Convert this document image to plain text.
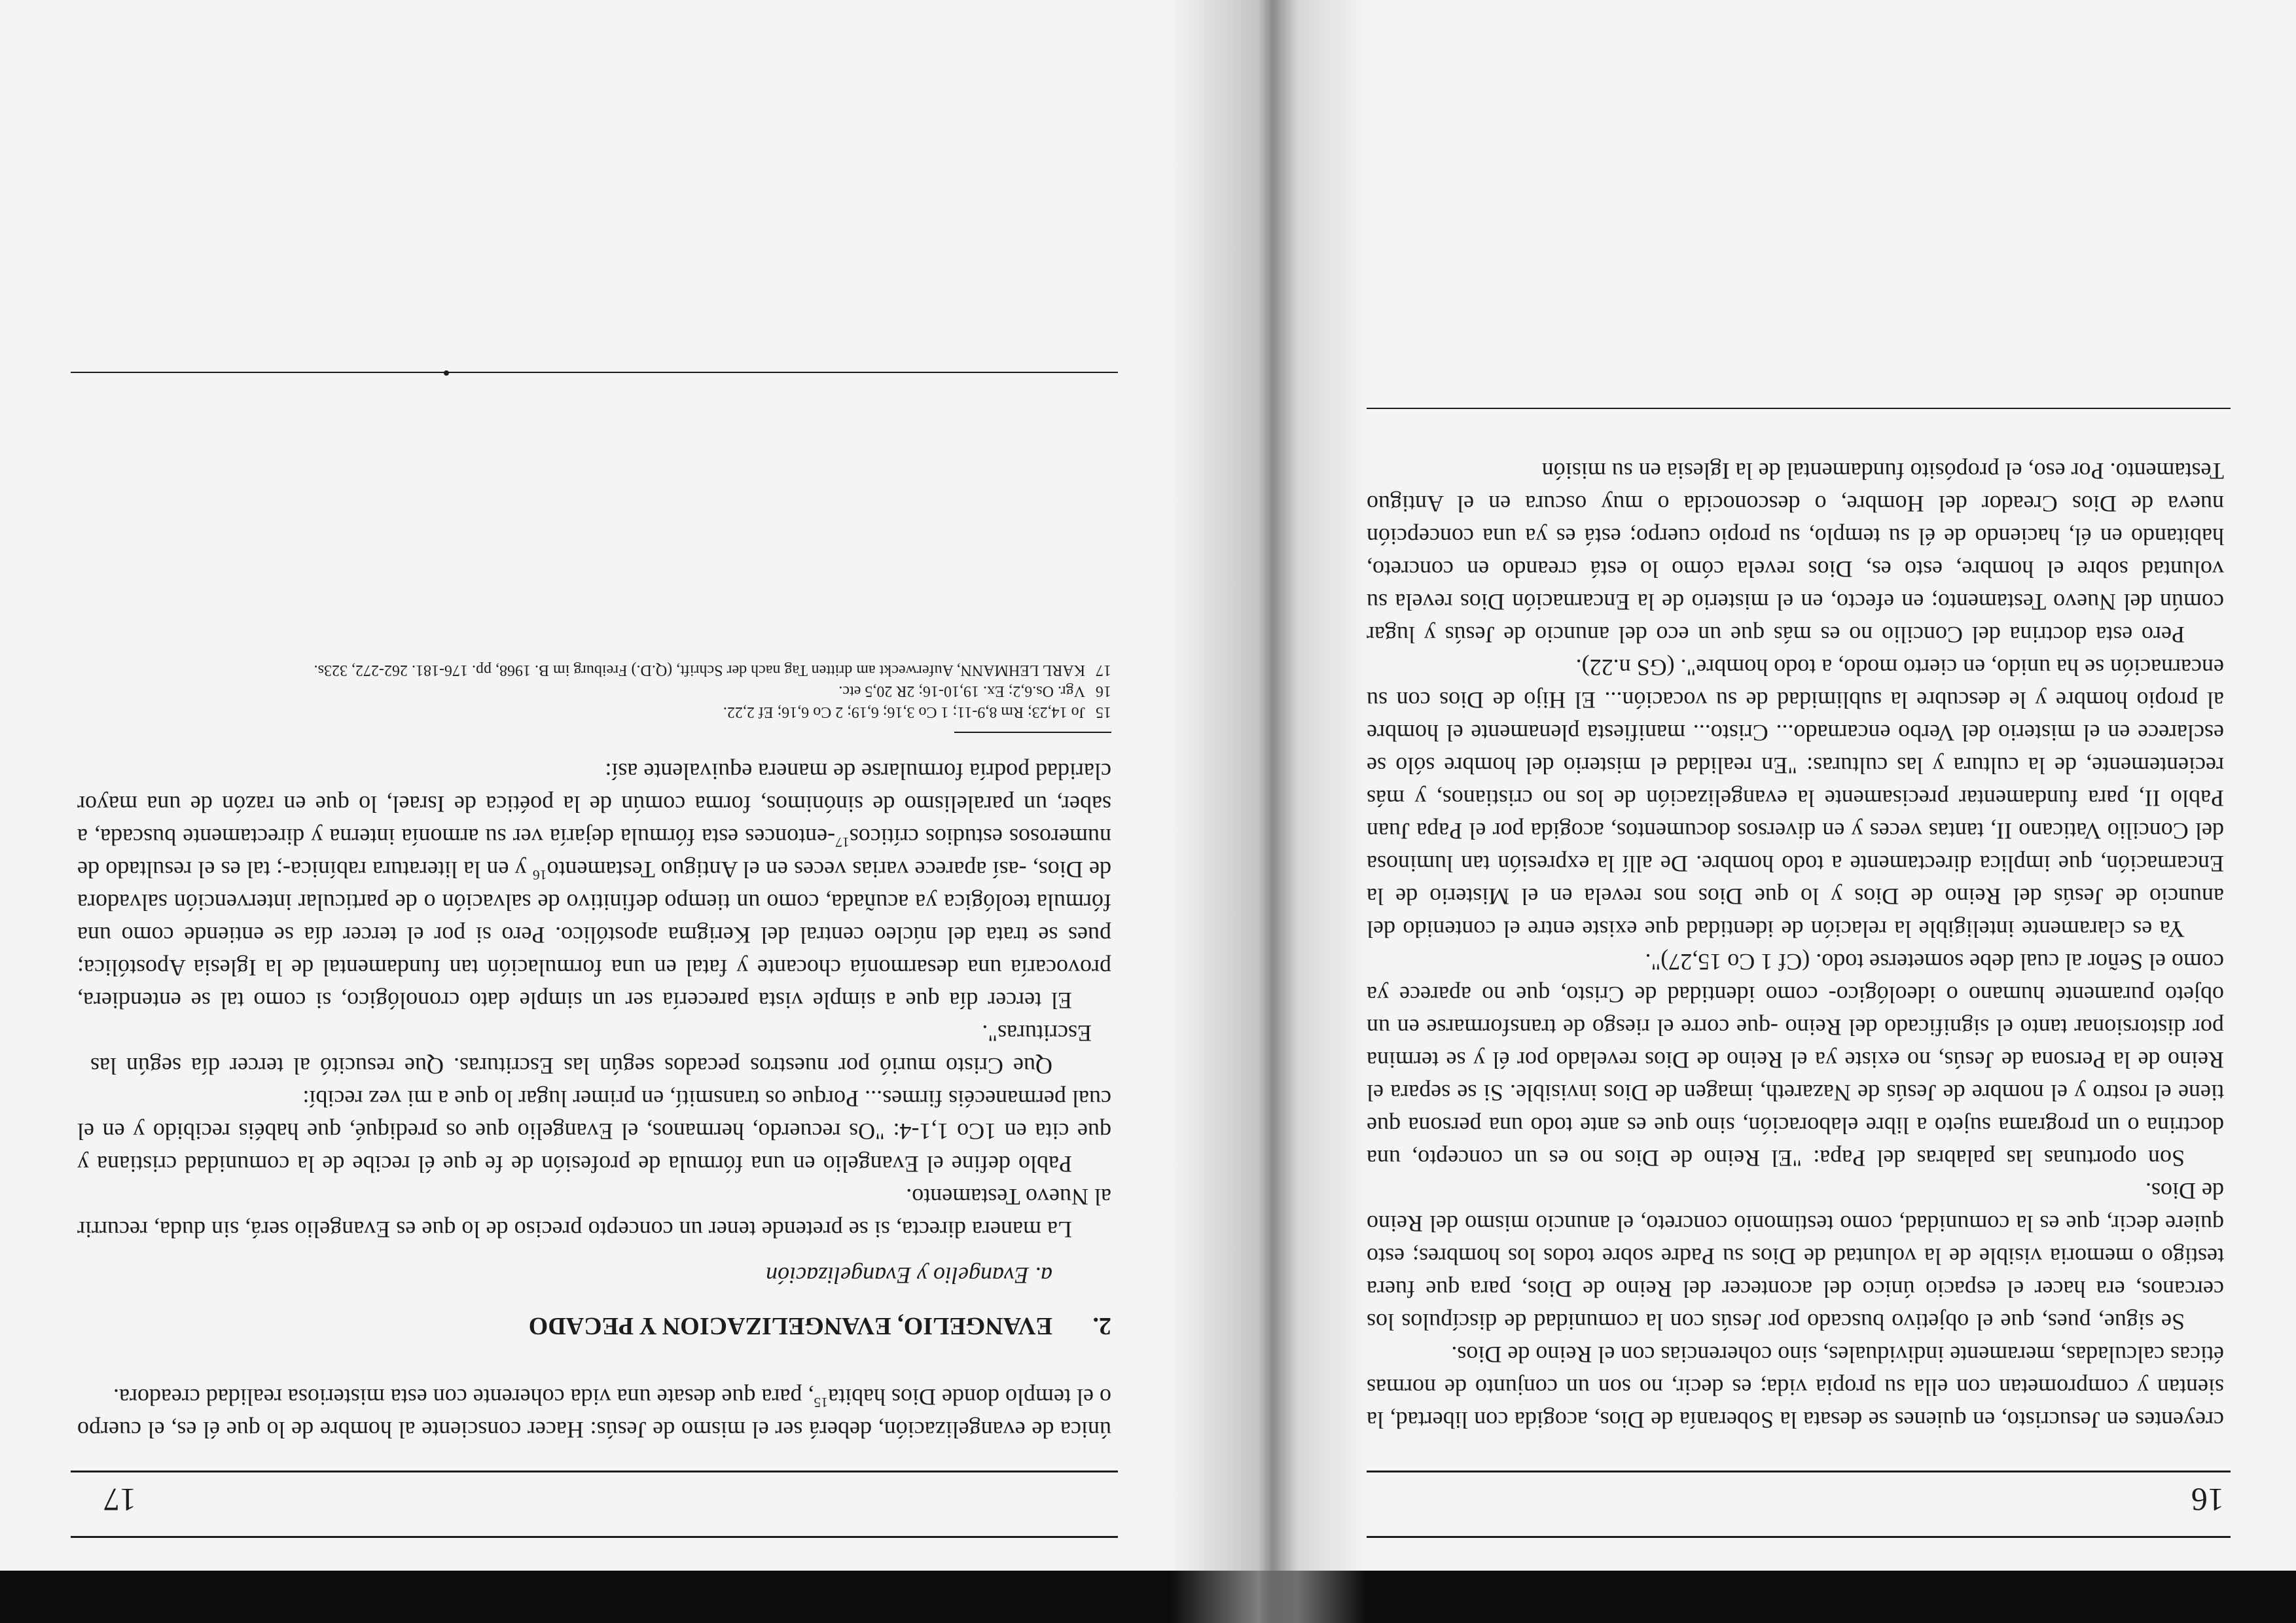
16

creyentes en Jesucristo, en quienes se desata la Soberanía de Dios, acogida con libertad, la sientan y comprometan con ella su propia vida; es decir, no son un conjunto de normas éticas calculadas, meramente individuales, sino coherencias con el Reino de Dios.

Se sigue, pues, que el objetivo buscado por Jesús con la comunidad de discípulos los cercanos, era hacer el espacio único del acontecer del Reino de Dios, para que fuera testigo o memoria visible de la voluntad de Dios su Padre sobre todos los hombres; esto quiere decir, que es la comunidad, como testimonio concreto, el anuncio mismo del Reino de Dios.

Son oportunas las palabras del Papa: "El Reino de Dios no es un concepto, una doctrina o un programa sujeto a libre elaboración, sino que es ante todo una persona que tiene el rostro y el nombre de Jesús de Nazareth, imagen de Dios invisible. Si se separa el Reino de la Persona de Jesús, no existe ya el Reino de Dios revelado por él y se termina por distorsionar tanto el significado del Reino -que corre el riesgo de transformarse en un objeto puramente humano o ideológico- como identidad de Cristo, que no aparece ya como el Señor al cual debe someterse todo. (Cf 1 Co 15,27)".

Ya es claramente inteligible la relación de identidad que existe entre el contenido del anuncio de Jesús del Reino de Dios y lo que Dios nos revela en el Misterio de la Encarnación, que implica directamente a todo hombre. De allí la expresión tan luminosa del Concilio Vaticano II, tantas veces y en diversos documentos, acogida por el Papa Juan Pablo II, para fundamentar precisamente la evangelización de los no cristianos, y más recientemente, de la cultura y las culturas: "En realidad el misterio del hombre sólo se esclarece en el misterio del Verbo encarnado... Cristo... manifiesta plenamente el hombre al propio hombre y le descubre la sublimidad de su vocación... El Hijo de Dios con su encarnación se ha unido, en cierto modo, a todo hombre". (GS n.22).

Pero esta doctrina del Concilio no es más que un eco del anuncio de Jesús y lugar común del Nuevo Testamento; en efecto, en el misterio de la Encarnación Dios revela su voluntad sobre el hombre, esto es, Dios revela cómo lo está creando en concreto, habitando en él, haciendo de él su templo, su propio cuerpo; está es ya una concepción nueva de Dios Creador del Hombre, o desconocida o muy oscura en el Antiguo Testamento. Por eso, el propósito fundamental de la Iglesia en su misión

17

única de evangelización, deberá ser el mismo de Jesús: Hacer consciente al hombre de lo que él es, el cuerpo o el templo donde Dios habita$^{15}$, para que desate una vida coherente con esta misteriosa realidad creadora.

2.EVANGELIO, EVANGELIZACION Y PECADO
a. Evangelio y Evangelización

La manera directa, si se pretende tener un concepto preciso de lo que es Evangelio será, sin duda, recurrir al Nuevo Testamento.

Pablo define el Evangelio en una fórmula de profesión de fe que él recibe de la comunidad cristiana y que cita en 1Co 1,1-4: "Os recuerdo, hermanos, el Evangelio que os prediqué, que habéis recibido y en el cual permanecéis firmes... Porque os transmití, en primer lugar lo que a mi vez recibí:

Que Cristo murió por nuestros pecados según las Escrituras. Que resucitó al tercer día según las Escrituras".

El tercer día que a simple vista parecería ser un simple dato cronológico, si como tal se entendiera, provocaría una desarmonía chocante y fatal en una formulación tan fundamental de la Iglesia Apostólica; pues se trata del núcleo central del Kerigma apostólico. Pero si por el tercer día se entiende como una fórmula teológica ya acuñada, como un tiempo definitivo de salvación o de particular intervención salvadora de Dios, -así aparece varias veces en el Antiguo Testamento$^{16}$ y en la literatura rabínica-; tal es el resultado de numerosos estudios críticos$^{17}$-entonces esta fórmula dejaría ver su armonía interna y directamente buscada, a saber, un paralelismo de sinónimos, forma común de la poética de Israel, lo que en razón de una mayor claridad podría formularse de manera equivalente así:

15
Jo 14,23; Rm 8,9-11; 1 Co 3,16; 6,19; 2 Co 6,16; Ef 2,22.
16
Vgr. Os.6,2; Ex. 19,10-16; 2R 20,5 etc.
17
KARL LEHMANN, Auferweckt am dritten Tag nach der Schrift, (Q.D.) Freiburg im B. 1968, pp. 176-181. 262-272, 323s.
